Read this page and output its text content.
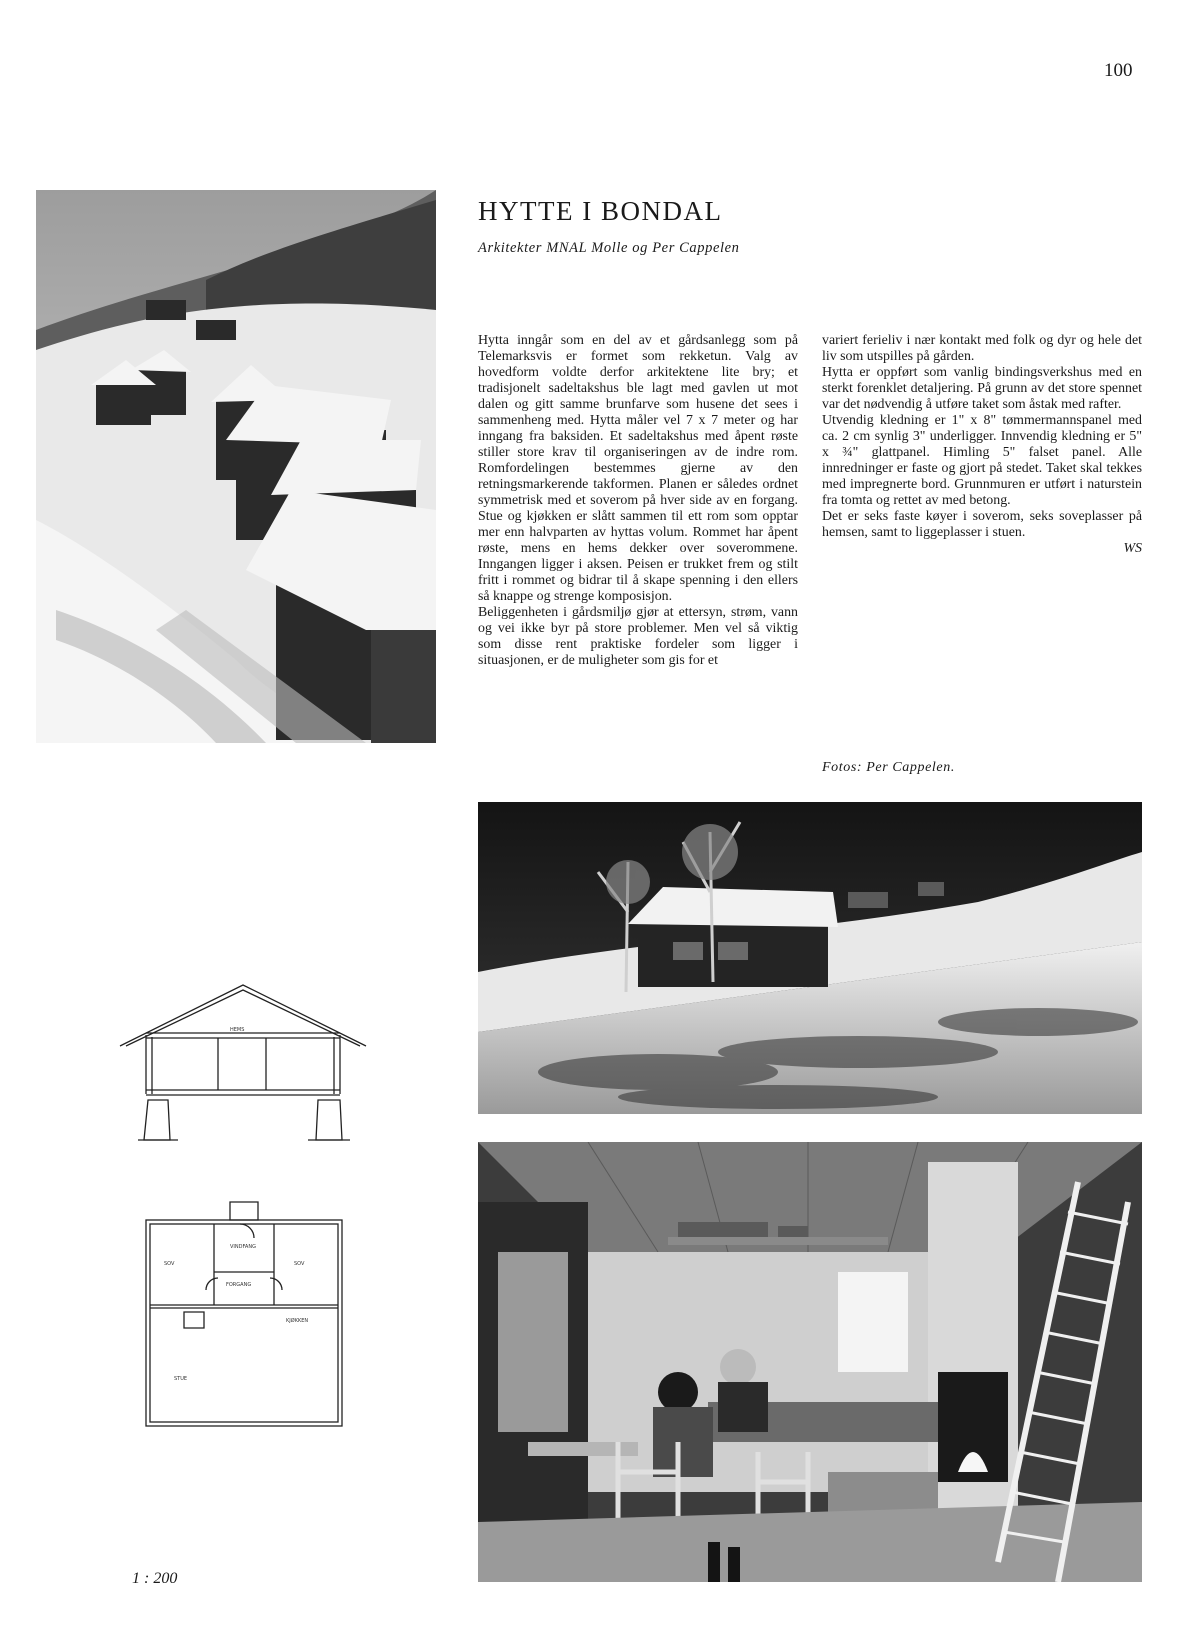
100
HYTTE I BONDAL
Arkitekter MNAL Molle og Per Cappelen

Hytta inngår som en del av et gårdsanlegg som på Telemarksvis er formet som rekketun. Valg av hovedform voldte derfor arkitektene lite bry; et tradisjonelt sadeltakshus ble lagt med gavlen ut mot dalen og gitt samme brunfarve som husene det sees i sammenheng med. Hytta måler vel 7 x 7 meter og har inngang fra baksiden. Et sadeltakshus med åpent røste stiller store krav til organiseringen av de indre rom. Romfordelingen bestemmes gjerne av den retningsmarkerende takformen. Planen er således ordnet symmetrisk med et soverom på hver side av en forgang. Stue og kjøkken er slått sammen til ett rom som opptar mer enn halvparten av hyttas volum. Rommet har åpent røste, mens en hems dekker over soverommene. Inngangen ligger i aksen. Peisen er trukket frem og stilt fritt i rommet og bidrar til å skape spenning i den ellers så knappe og strenge komposisjon.

Beliggenheten i gårdsmiljø gjør at ettersyn, strøm, vann og vei ikke byr på store problemer. Men vel så viktig som disse rent praktiske fordeler som ligger i situasjonen, er de muligheter som gis for et

variert ferieliv i nær kontakt med folk og dyr og hele det liv som utspilles på gården.

Hytta er oppført som vanlig bindingsverkshus med en sterkt forenklet detaljering. På grunn av det store spennet var det nødvendig å utføre taket som åstak med rafter.

Utvendig kledning er 1" x 8" tømmermannspanel med ca. 2 cm synlig 3" underligger. Innvendig kledning er 5" x ¾" glattpanel. Himling 5" falset panel. Alle innredninger er faste og gjort på stedet. Taket skal tekkes med impregnerte bord. Grunnmuren er utført i naturstein fra tomta og rettet av med betong.

Det er seks faste køyer i soverom, seks soveplasser på hemsen, samt to liggeplasser i stuen.

WS

Fotos: Per Cappelen.
HEMS
VINDFANG
SOV	SOV
FORGANG
KJØKKEN
STUE
1 : 200
